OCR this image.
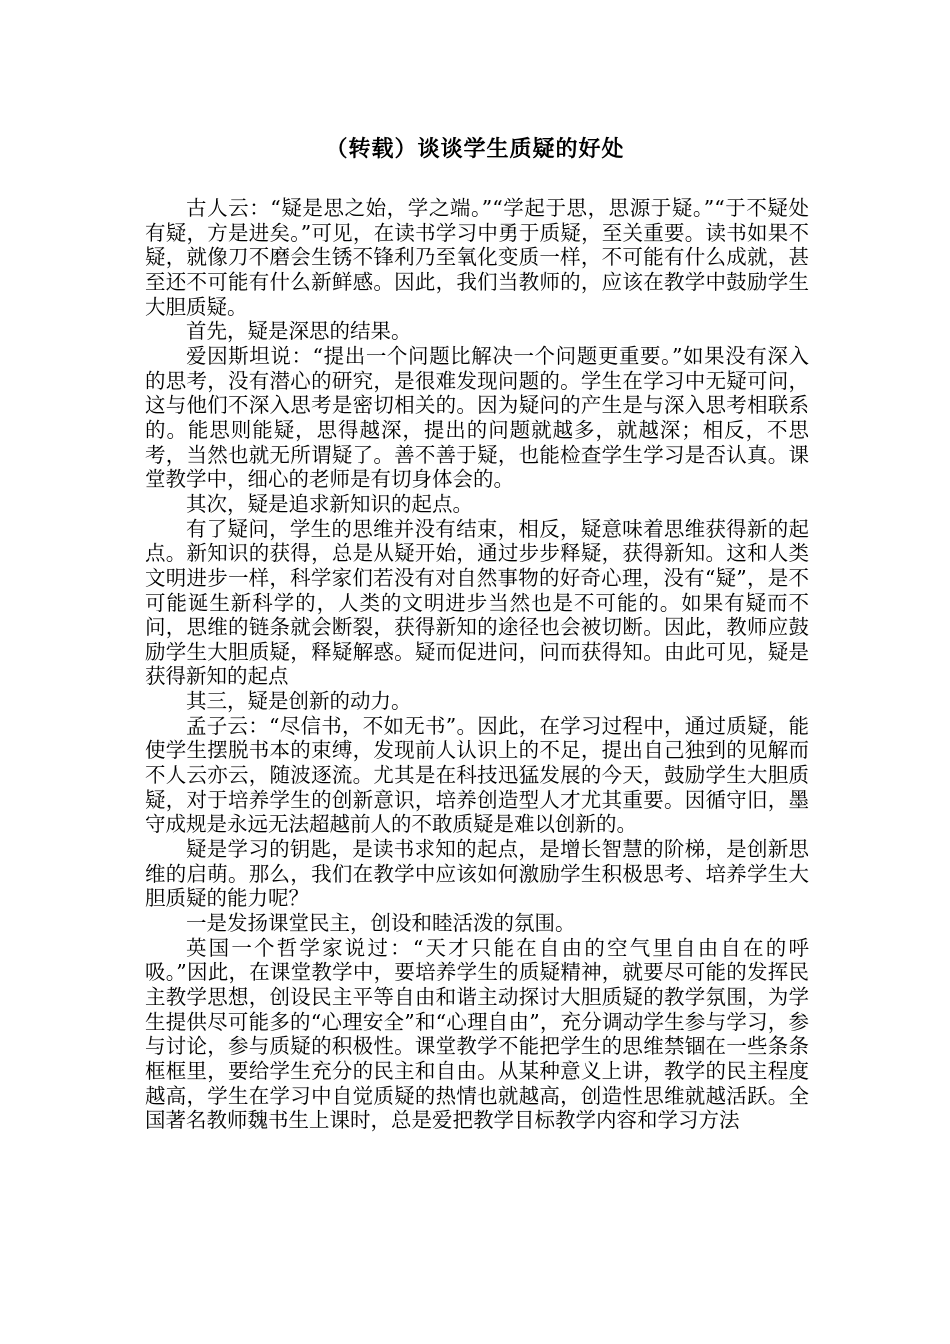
（转载）谈谈学生质疑的好处

古人云：“疑是思之始，学之端。”“学起于思，思源于疑。”“于不疑处有疑，方是进矣。”可见，在读书学习中勇于质疑，至关重要。读书如果不疑，就像刀不磨会生锈不锋利乃至氧化变质一样，不可能有什么成就，甚至还不可能有什么新鲜感。因此，我们当教师的，应该在教学中鼓励学生大胆质疑。

首先，疑是深思的结果。

爱因斯坦说：“提出一个问题比解决一个问题更重要。”如果没有深入的思考，没有潜心的研究，是很难发现问题的。学生在学习中无疑可问，这与他们不深入思考是密切相关的。因为疑问的产生是与深入思考相联系的。能思则能疑，思得越深，提出的问题就越多，就越深；相反，不思考，当然也就无所谓疑了。善不善于疑，也能检查学生学习是否认真。课堂教学中，细心的老师是有切身体会的。

其次，疑是追求新知识的起点。

有了疑问，学生的思维并没有结束，相反，疑意味着思维获得新的起点。新知识的获得，总是从疑开始，通过步步释疑，获得新知。这和人类文明进步一样，科学家们若没有对自然事物的好奇心理，没有“疑”，是不可能诞生新科学的，人类的文明进步当然也是不可能的。如果有疑而不问，思维的链条就会断裂，获得新知的途径也会被切断。因此，教师应鼓励学生大胆质疑，释疑解惑。疑而促进问，问而获得知。由此可见，疑是获得新知的起点

其三，疑是创新的动力。

孟子云：“尽信书，不如无书”。因此，在学习过程中，通过质疑，能使学生摆脱书本的束缚，发现前人认识上的不足，提出自己独到的见解而不人云亦云，随波逐流。尤其是在科技迅猛发展的今天，鼓励学生大胆质疑，对于培养学生的创新意识，培养创造型人才尤其重要。因循守旧，墨守成规是永远无法超越前人的不敢质疑是难以创新的。

疑是学习的钥匙，是读书求知的起点，是增长智慧的阶梯，是创新思维的启萌。那么，我们在教学中应该如何激励学生积极思考、培养学生大胆质疑的能力呢？

一是发扬课堂民主，创设和睦活泼的氛围。

英国一个哲学家说过：“天才只能在自由的空气里自由自在的呼吸。”因此，在课堂教学中，要培养学生的质疑精神，就要尽可能的发挥民主教学思想，创设民主平等自由和谐主动探讨大胆质疑的教学氛围，为学生提供尽可能多的“心理安全”和“心理自由”，充分调动学生参与学习，参与讨论，参与质疑的积极性。课堂教学不能把学生的思维禁锢在一些条条框框里，要给学生充分的民主和自由。从某种意义上讲，教学的民主程度越高，学生在学习中自觉质疑的热情也就越高，创造性思维就越活跃。全国著名教师魏书生上课时，总是爱把教学目标教学内容和学习方法
